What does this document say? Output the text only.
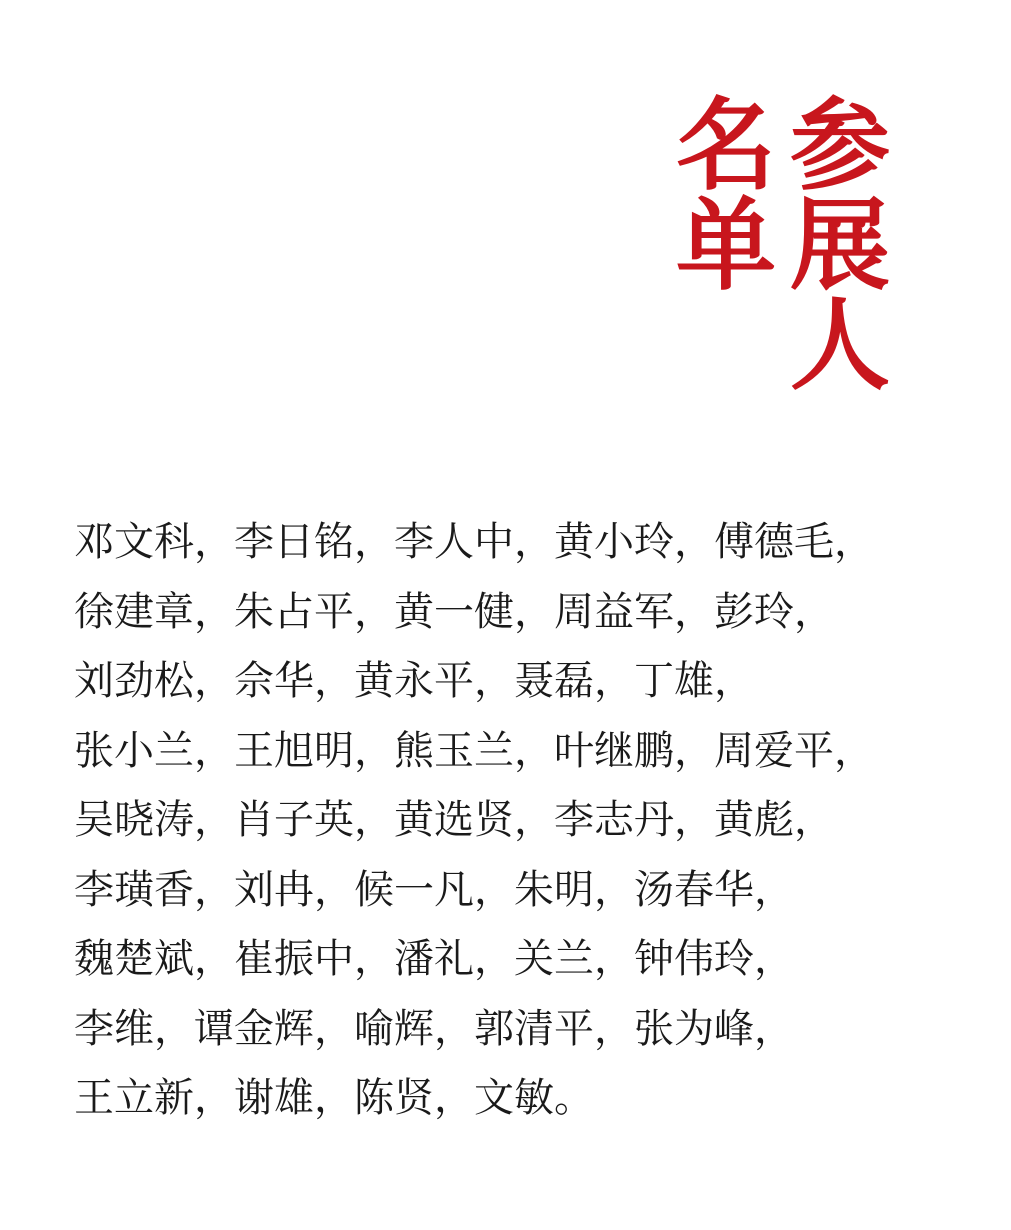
参
展
人
名
单
邓文科，李日铭，李人中，黄小玲，傅德毛，
徐建章，朱占平，黄一健，周益军，彭玲，
刘劲松，佘华，黄永平，聂磊，丁雄，
张小兰，王旭明，熊玉兰，叶继鹏，周爱平，
吴晓涛，肖子英，黄选贤，李志丹，黄彪，
李璜香，刘冉，候一凡，朱明，汤春华，
魏楚斌，崔振中，潘礼，关兰，钟伟玲，
李维，谭金辉，喻辉，郭清平，张为峰，
王立新，谢雄，陈贤，文敏。
